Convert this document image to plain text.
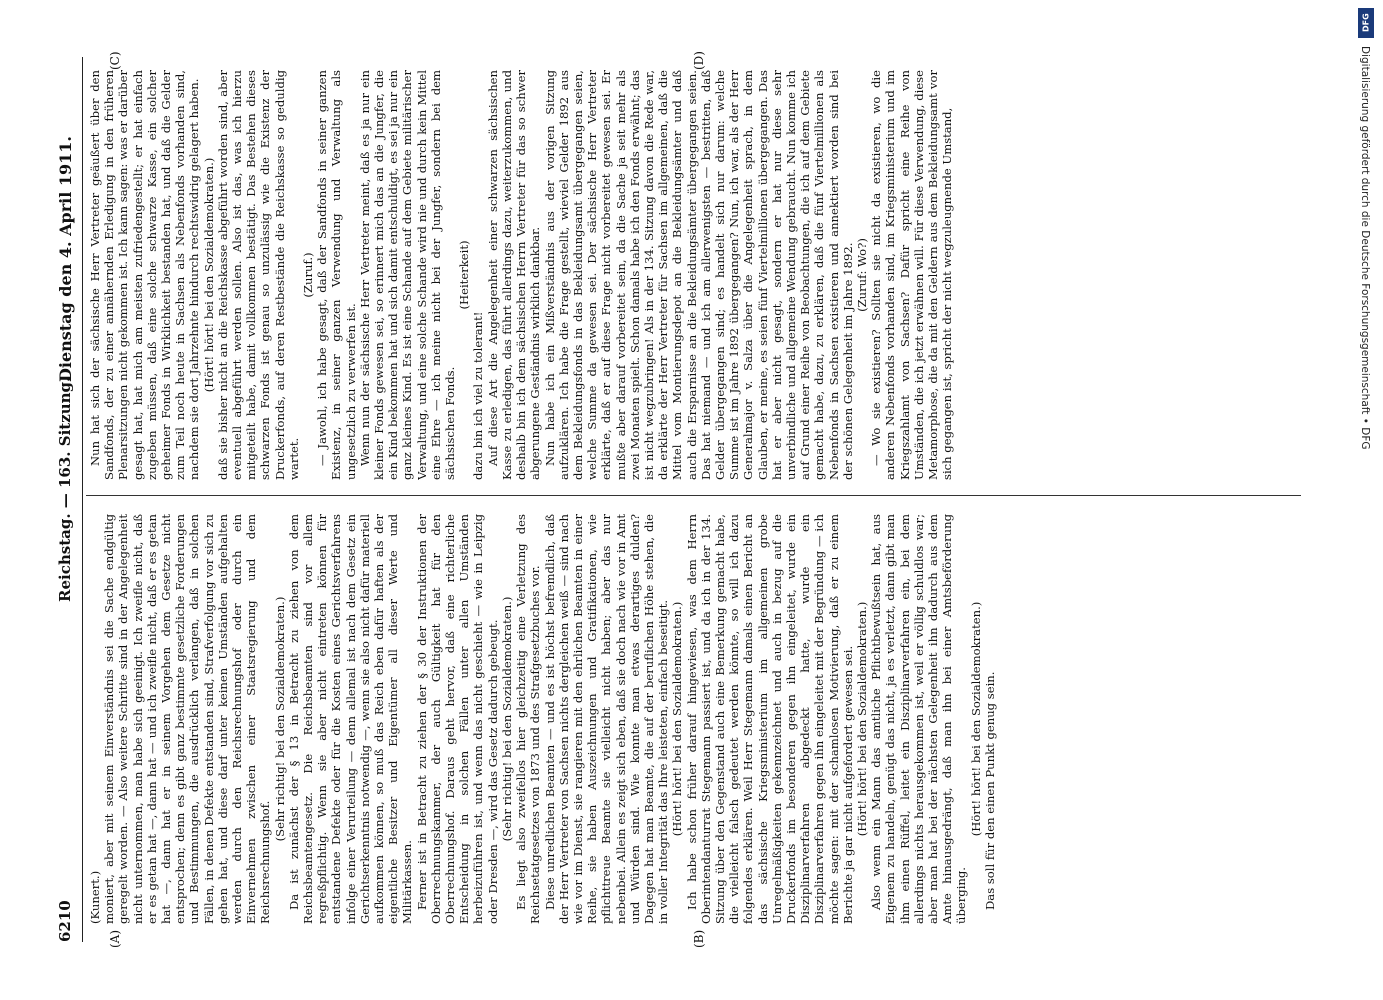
6210
Reichstag. — 163. Sitzung.
Dienstag den 4. April 1911.
(A)	(B)
(C)	(D)

(Kunert.) moniert, aber mit seinem Einverständnis sei die Sache endgültig geregelt worden. — Also weitere Schritte sind in der Angelegenheit nicht unternommen, man habe sich geeinigt. Ich zweifle nicht, daß er es getan hat —, dann hat — und ich zweifle nicht, daß er es getan hat —, dann hat er in seinem Vorgehen dem Gesetze nicht entsprochen; denn es gibt ganz bestimmte gesetzliche Forderungen und Bestimmungen, die ausdrücklich verlangen, daß in solchen Fällen, in denen Defekte entstanden sind, Strafverfolgung vor sich zu gehen hat, und diese darf unter keinen Umständen aufgehalten werden durch den Reichsrechnungshof oder durch ein Einvernehmen zwischen einer Staatsregierung und dem Reichsrechnungshof.

(Sehr richtig! bei den Sozialdemokraten.) Da ist zunächst der § 13 in Betracht zu ziehen von dem Reichsbeamtengesetz. Die Reichsbeamten sind vor allem regreßpflichtig. Wenn sie aber nicht eintreten können für entstandene Defekte oder für die Kosten eines Gerichtsverfahrens infolge einer Verurteilung — denn allemal ist nach dem Gesetz ein Gerichtserkenntnis notwendig —, wenn sie also nicht dafür materiell aufkommen können, so muß das Reich eben dafür haften als der eigentliche Besitzer und Eigentümer all dieser Werte und Militärkassen. Ferner ist in Betracht zu ziehen der § 30 der Instruktionen der Oberrechnungskammer, der auch Gültigkeit hat für den Oberrechnungshof. Daraus geht hervor, daß eine richterliche Entscheidung in solchen Fällen unter allen Umständen herbeizuführen ist, und wenn das nicht geschieht — wie in Leipzig oder Dresden —, wird das Gesetz dadurch gebeugt. (Sehr richtig! bei den Sozialdemokraten.) Es liegt also zweifellos hier gleichzeitig eine Verletzung des Reichsetatgesetzes von 1873 und des Strafgesetzbuches vor. Diese unredlichen Beamten — und es ist höchst befremdlich, daß der Herr Vertreter von Sachsen nichts dergleichen weiß — sind nach wie vor im Dienst, sie rangieren mit den ehrlichen Beamten in einer Reihe, sie haben Auszeichnungen und Gratifikationen, wie pflichttreue Beamte sie vielleicht nicht haben; aber das nur nebenbei. Allein es zeigt sich eben, daß sie doch nach wie vor in Amt und Würden sind. Wie konnte man etwas derartiges dulden? Dagegen hat man Beamte, die auf der beruflichen Höhe stehen, die in voller Integrität das Ihre leisteten, einfach beseitigt. (Hört! hört! bei den Sozialdemokraten.) Ich habe schon früher darauf hingewiesen, was dem Herrn Oberintendanturrat Stegemann passiert ist, und da ich in der 134. Sitzung über den Gegenstand auch eine Bemerkung gemacht habe, die vielleicht falsch gedeutet werden könnte, so will ich dazu folgendes erklären. Weil Herr Stegemann damals einen Bericht an das sächsische Kriegsministerium im allgemeinen grobe Unregelmäßigkeiten gekennzeichnet und auch in bezug auf die Druckerfonds im besonderen gegen ihn eingeleitet, wurde ein Disziplinarverfahren abgedeckt hatte, wurde ein Disziplinarverfahren gegen ihn eingeleitet mit der Begründung — ich möchte sagen: mit der schamlosen Motivierung, daß er zu einem Berichte ja gar nicht aufgefordert gewesen sei. (Hört! hört! bei den Sozialdemokraten.) Also wenn ein Mann das amtliche Pflichtbewußtsein hat, aus Eigenem zu handeln, genügt das nicht, ja es verletzt, dann gibt man ihm einen Rüffel, leitet ein Disziplinarverfahren ein, bei dem allerdings nichts herausgekommen ist, weil er völlig schuldlos war; aber man hat bei der nächsten Gelegenheit ihn dadurch aus dem Amte hinausgedrängt, daß man ihn bei einer Amtsbeförderung überging.

(Hört! hört! bei den Sozialdemokraten.) Das soll für den einen Punkt genug sein.

Nun hat sich der sächsische Herr Vertreter geäußert über den Sandfonds, der zu einer annähernden Erledigung in den früheren Plenarsitzungen nicht gekommen ist. Ich kann sagen: was er darüber gesagt hat, hat mich am meisten zufriedengestellt; er hat einfach zugeben müssen, daß eine solche schwarze Kasse, ein solcher geheimer Fonds in Wirklichkeit bestanden hat, und daß die Gelder zum Teil noch heute in Sachsen als Nebenfonds vorhanden sind, nachdem sie dort Jahrzehnte hindurch rechtswidrig gelagert haben. (Hört! hört! bei den Sozialdemokraten.) daß sie bisher nicht an die Reichskasse abgeführt worden sind, aber eventuell abgeführt werden sollen. Also ist das, was ich hierzu mitgeteilt habe, damit vollkommen bestätigt. Das Bestehen dieses schwarzen Fonds ist genau so unzulässig wie die Existenz der Druckerfonds, auf deren Restbestände die Reichskasse so geduldig wartet.

(Zuruf.) — Jawohl, ich habe gesagt, daß der Sandfonds in seiner ganzen Existenz, in seiner ganzen Verwendung und Verwaltung als ungesetzlich zu verwerfen ist. Wenn nun der sächsische Herr Vertreter meint, daß es ja nur ein kleiner Fonds gewesen sei, so erinnert mich das an die Jungfer, die ein Kind bekommen hat und sich damit entschuldigt, es sei ja nur ein ganz kleines Kind. Es ist eine Schande auf dem Gebiete militärischer Verwaltung, und eine solche Schande wird nie und durch kein Mittel eine Ehre — ich meine nicht bei der Jungfer, sondern bei dem sächsischen Fonds.

(Heiterkeit)

dazu bin ich viel zu tolerant! Auf diese Art die Angelegenheit einer schwarzen sächsischen Kasse zu erledigen, das führt allerdings dazu, weiterzukommen, und deshalb bin ich dem sächsischen Herrn Vertreter für das so schwer abgerungene Geständnis wirklich dankbar. Nun habe ich ein Mißverständnis aus der vorigen Sitzung aufzuklären. Ich habe die Frage gestellt, wieviel Gelder 1892 aus dem Bekleidungsfonds in das Bekleidungsamt übergegangen seien, welche Summe da gewesen sei. Der sächsische Herr Vertreter erklärte, daß er auf diese Frage nicht vorbereitet gewesen sei. Er mußte aber darauf vorbereitet sein, da die Sache ja seit mehr als zwei Monaten spielt. Schon damals habe ich den Fonds erwähnt; das ist nicht wegzubringen! Als in der 134. Sitzung davon die Rede war, da erklärte der Herr Vertreter für Sachsen im allgemeinen, daß die Mittel vom Montierungsdepot an die Bekleidungsämter und daß auch die Ersparnisse an die Bekleidungsämter übergegangen seien. Das hat niemand — und ich am allerwenigsten — bestritten, daß Gelder übergegangen sind; es handelt sich nur darum: welche Summe ist im Jahre 1892 übergegangen? Nun, ich war, als der Herr Generalmajor v. Salza über die Angelegenheit sprach, in dem Glauben, er meine, es seien fünf Viertelmillionen übergegangen. Das hat er aber nicht gesagt, sondern er hat nur diese sehr unverbindliche und allgemeine Wendung gebraucht. Nun komme ich auf Grund einer Reihe von Beobachtungen, die ich auf dem Gebiete gemacht habe, dazu, zu erklären, daß die fünf Viertelmillionen als Nebenfonds in Sachsen existieren und annektiert worden sind bei der schönen Gelegenheit im Jahre 1892. (Zuruf: Wo?) — Wo sie existieren? Sollten sie nicht da existieren, wo die anderen Nebenfonds vorhanden sind, im Kriegsministerium und im Kriegszahlamt von Sachsen? Dafür spricht eine Reihe von Umständen, die ich jetzt erwähnen will. Für diese Verwendung, diese Metamorphose, die da mit den Geldern aus dem Bekleidungsamt vor sich gegangen ist, spricht der nicht wegzuleugnende Umstand,

DFG
Digitalisierung gefördert durch die Deutsche Forschungsgemeinschaft • DFG
